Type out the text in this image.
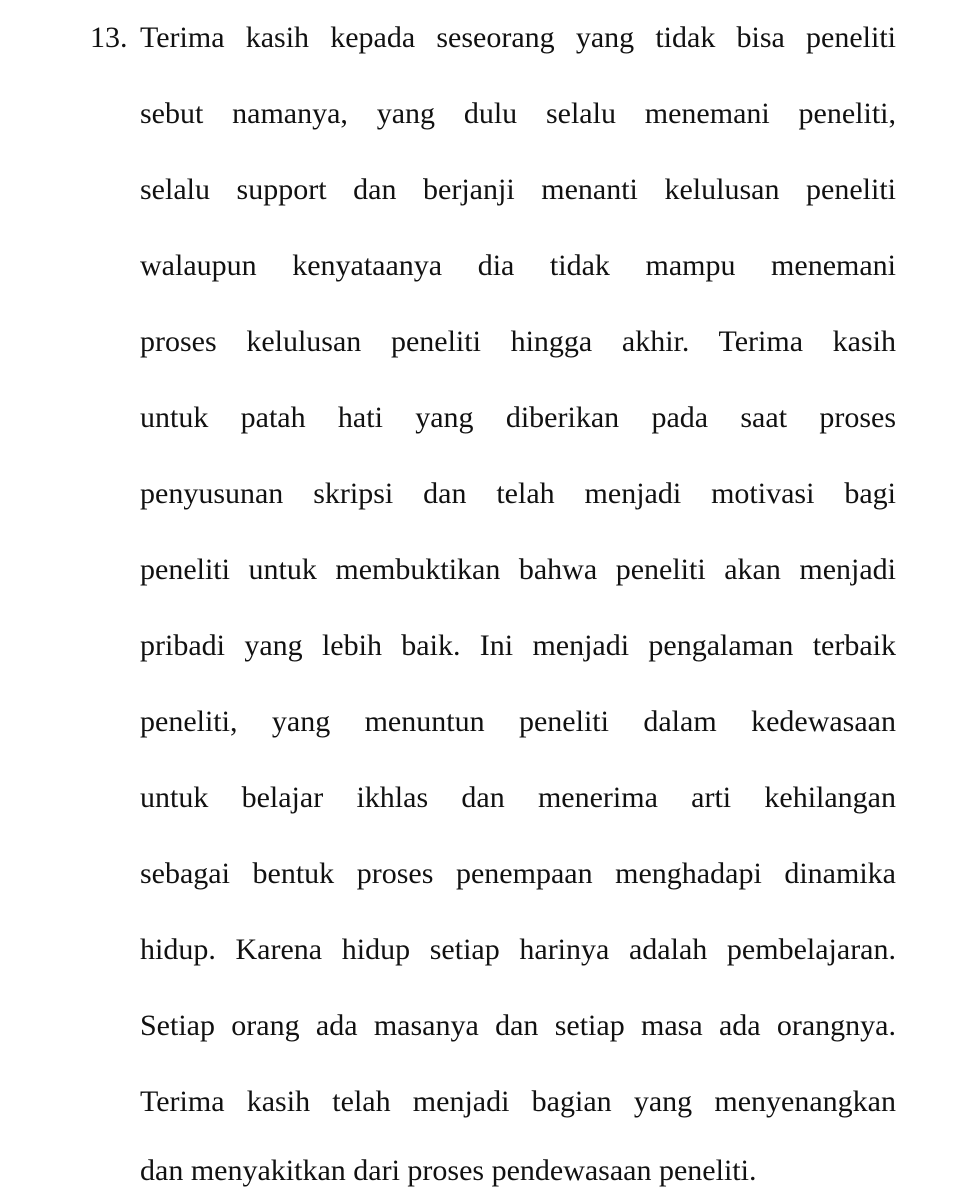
13. Terima kasih kepada seseorang yang tidak bisa peneliti
sebut namanya, yang dulu selalu menemani peneliti,
selalu support dan berjanji menanti kelulusan peneliti
walaupun kenyataanya dia tidak mampu menemani
proses kelulusan peneliti hingga akhir. Terima kasih
untuk patah hati yang diberikan pada saat proses
penyusunan skripsi dan telah menjadi motivasi bagi
peneliti untuk membuktikan bahwa peneliti akan menjadi
pribadi yang lebih baik. Ini menjadi pengalaman terbaik
peneliti, yang menuntun peneliti dalam kedewasaan
untuk belajar ikhlas dan menerima arti kehilangan
sebagai bentuk proses penempaan menghadapi dinamika
hidup. Karena hidup setiap harinya adalah pembelajaran.
Setiap orang ada masanya dan setiap masa ada orangnya.
Terima kasih telah menjadi bagian yang menyenangkan
dan menyakitkan dari proses pendewasaan peneliti.
